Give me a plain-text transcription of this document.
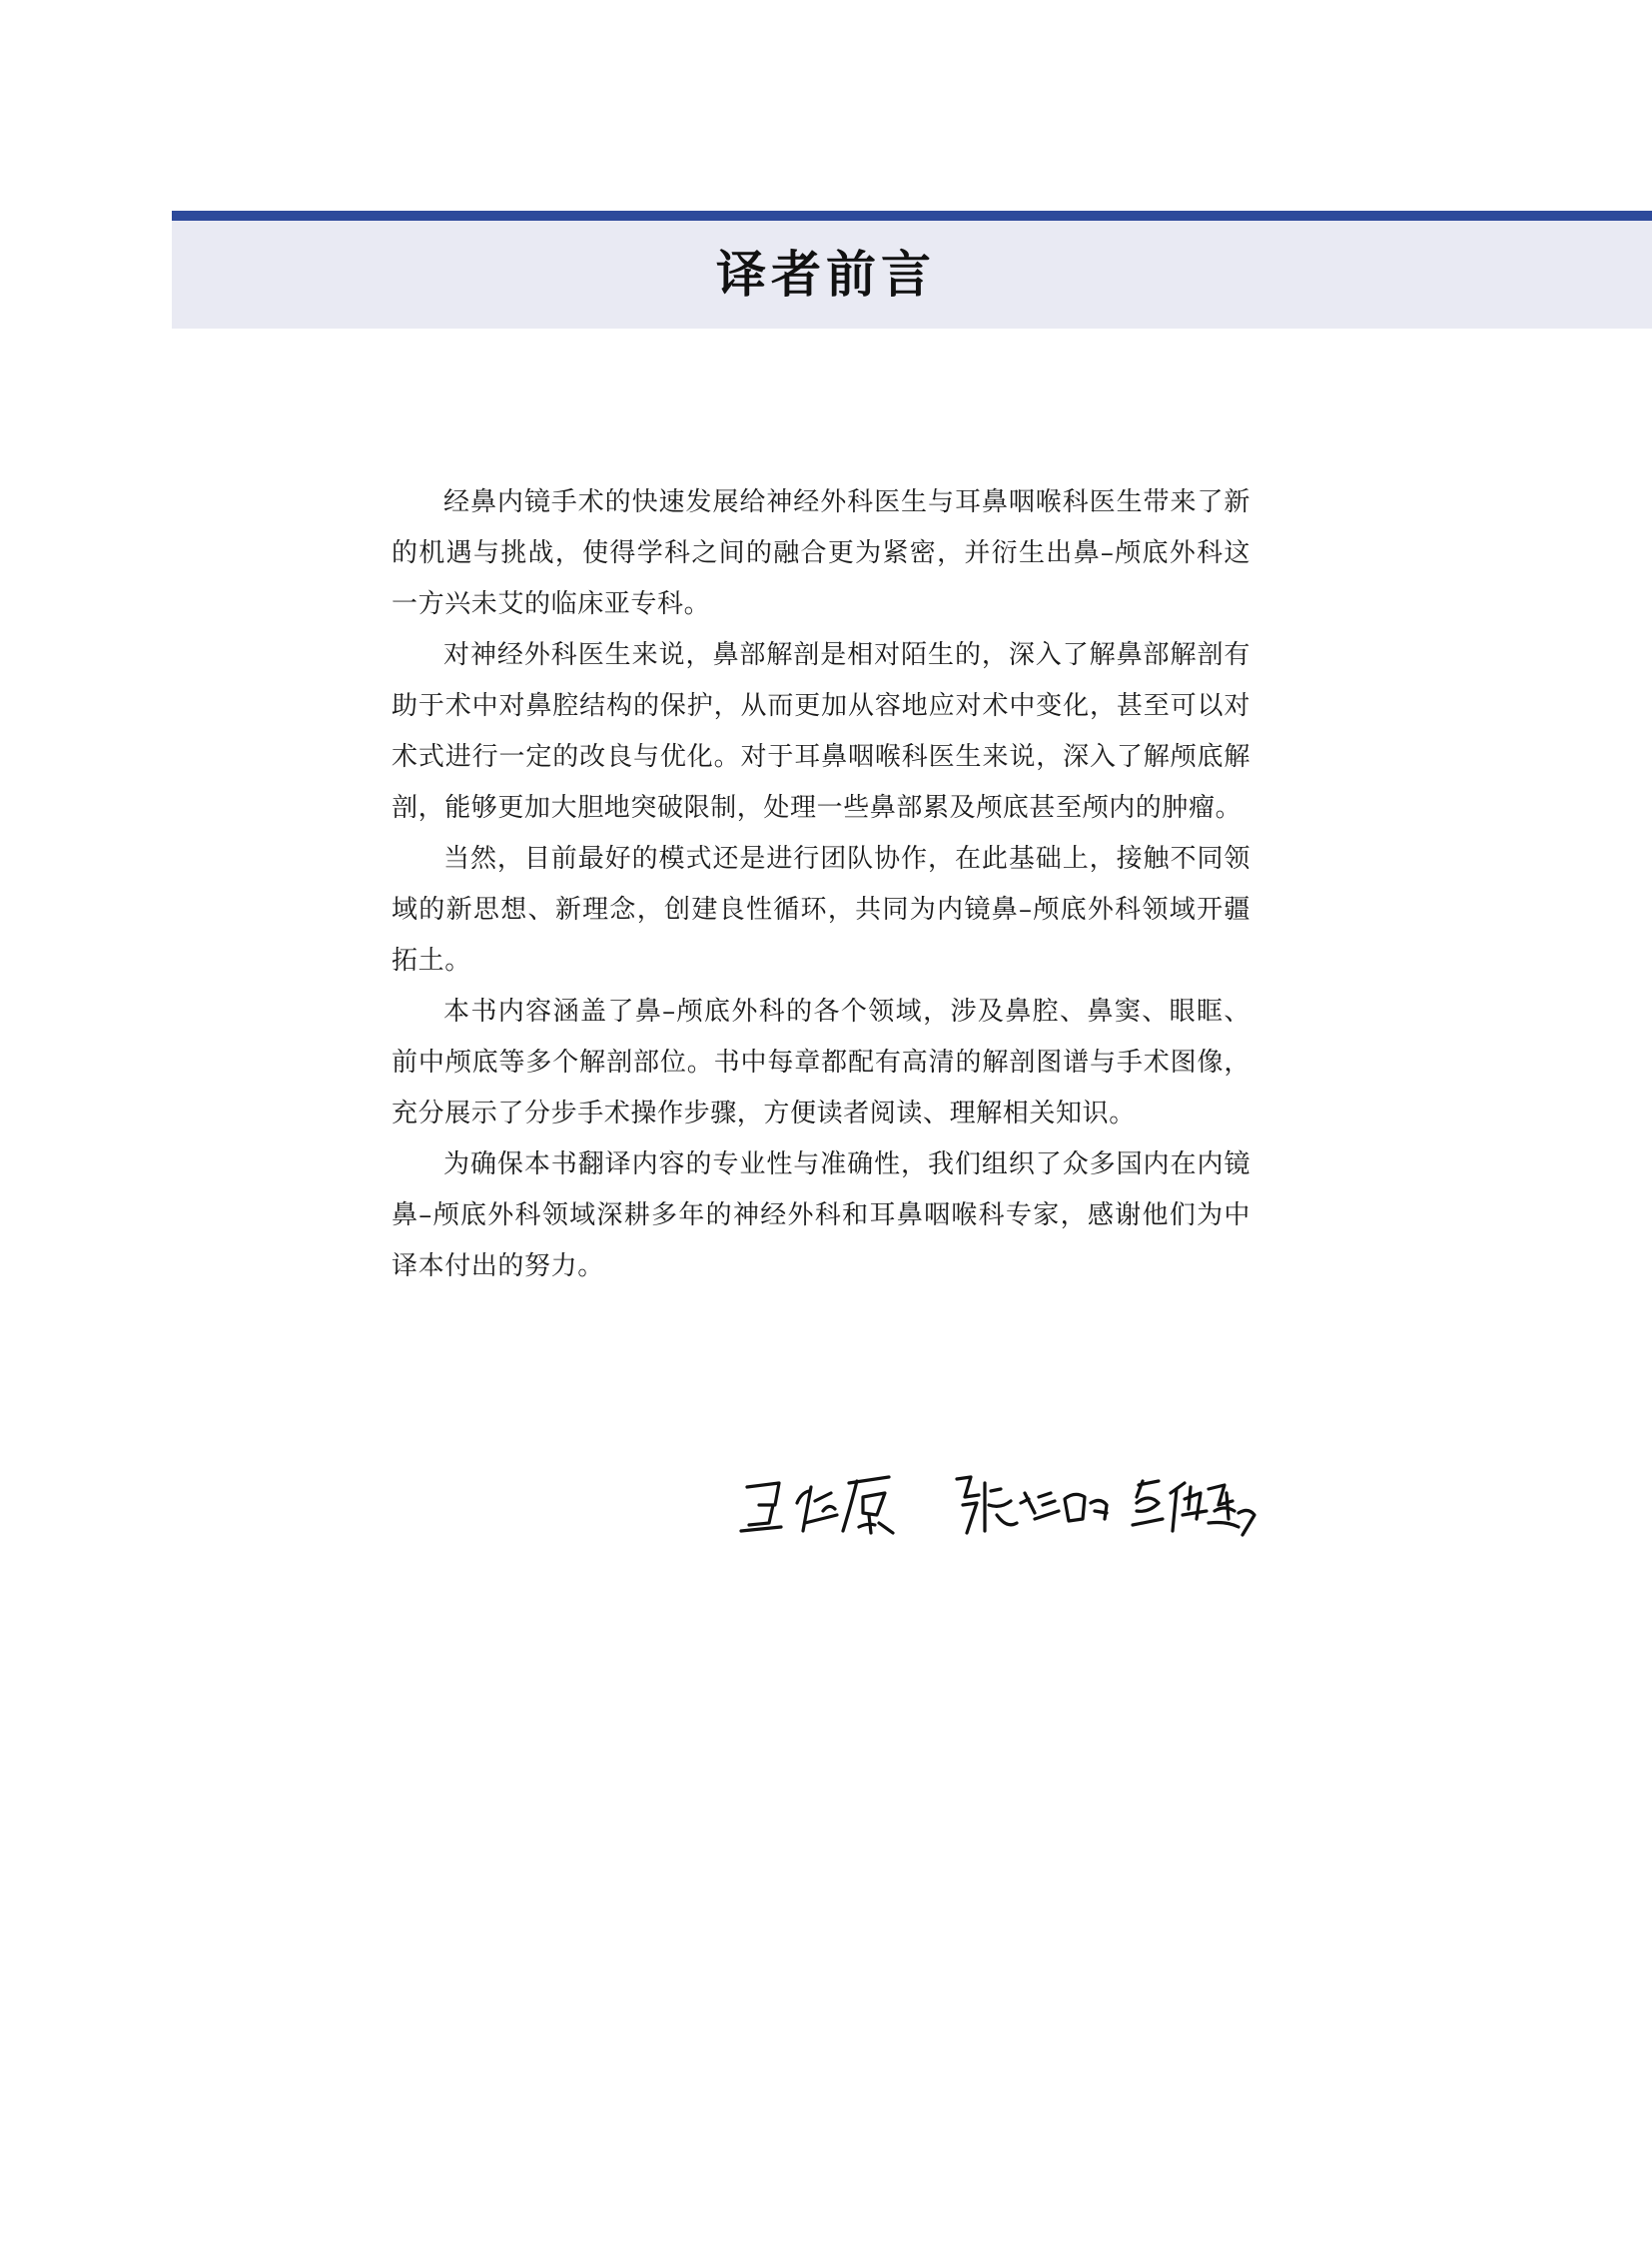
译者前言

经鼻内镜手术的快速发展给神经外科医生与耳鼻咽喉科医生带来了新的机遇与挑战，使得学科之间的融合更为紧密，并衍生出鼻–颅底外科这一方兴未艾的临床亚专科。

对神经外科医生来说，鼻部解剖是相对陌生的，深入了解鼻部解剖有助于术中对鼻腔结构的保护，从而更加从容地应对术中变化，甚至可以对术式进行一定的改良与优化。对于耳鼻咽喉科医生来说，深入了解颅底解剖，能够更加大胆地突破限制，处理一些鼻部累及颅底甚至颅内的肿瘤。

当然，目前最好的模式还是进行团队协作，在此基础上，接触不同领域的新思想、新理念，创建良性循环，共同为内镜鼻–颅底外科领域开疆拓土。

本书内容涵盖了鼻–颅底外科的各个领域，涉及鼻腔、鼻窦、眼眶、前中颅底等多个解剖部位。书中每章都配有高清的解剖图谱与手术图像，充分展示了分步手术操作步骤，方便读者阅读、理解相关知识。

为确保本书翻译内容的专业性与准确性，我们组织了众多国内在内镜鼻–颅底外科领域深耕多年的神经外科和耳鼻咽喉科专家，感谢他们为中译本付出的努力。
